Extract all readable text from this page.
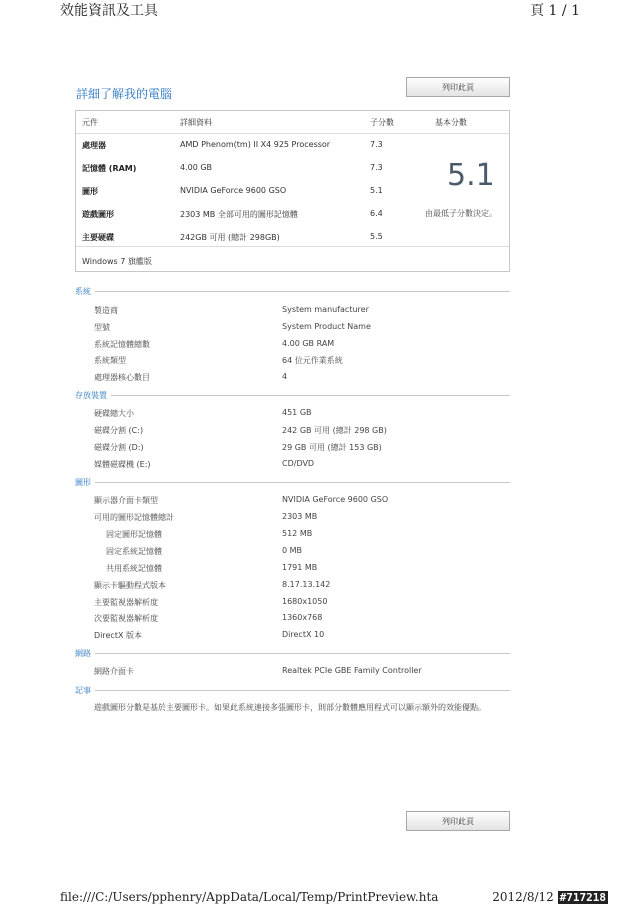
效能資訊及工具	頁 1 / 1
file:///C:/Users/pphenry/AppData/Local/Temp/PrintPreview.hta	2012/8/12 #717218
詳細了解我的電腦	列印此頁
元件	詳細資料	子分數	基本分數
處理器	AMD Phenom(tm) II X4 925 Processor	7.3
記憶體 (RAM)	4.00 GB	7.3
圖形	NVIDIA GeForce 9600 GSO	5.1
遊戲圖形	2303 MB 全部可用的圖形記憶體	6.4
主要硬碟	242GB 可用 (總計 298GB)	5.5
5.1
由最低子分數決定。
Windows 7 旗艦版
系統
製造商	System manufacturer
型號	System Product Name
系統記憶體總數	4.00 GB RAM
系統類型	64 位元作業系統
處理器核心數目	4
存放裝置
硬碟總大小	451 GB
磁碟分割 (C:)	242 GB 可用 (總計 298 GB)
磁碟分割 (D:)	29 GB 可用 (總計 153 GB)
媒體磁碟機 (E:)	CD/DVD
圖形
顯示器介面卡類型	NVIDIA GeForce 9600 GSO
可用的圖形記憶體總計	2303 MB
固定圖形記憶體	512 MB
固定系統記憶體	0 MB
共用系統記憶體	1791 MB
顯示卡驅動程式版本	8.17.13.142
主要監視器解析度	1680x1050
次要監視器解析度	1360x768
DirectX 版本	DirectX 10
網路
網路介面卡	Realtek PCIe GBE Family Controller
記事
遊戲圖形分數是基於主要圖形卡。如果此系統連接多張圖形卡，則部分數體應用程式可以顯示額外的效能優點。
列印此頁
